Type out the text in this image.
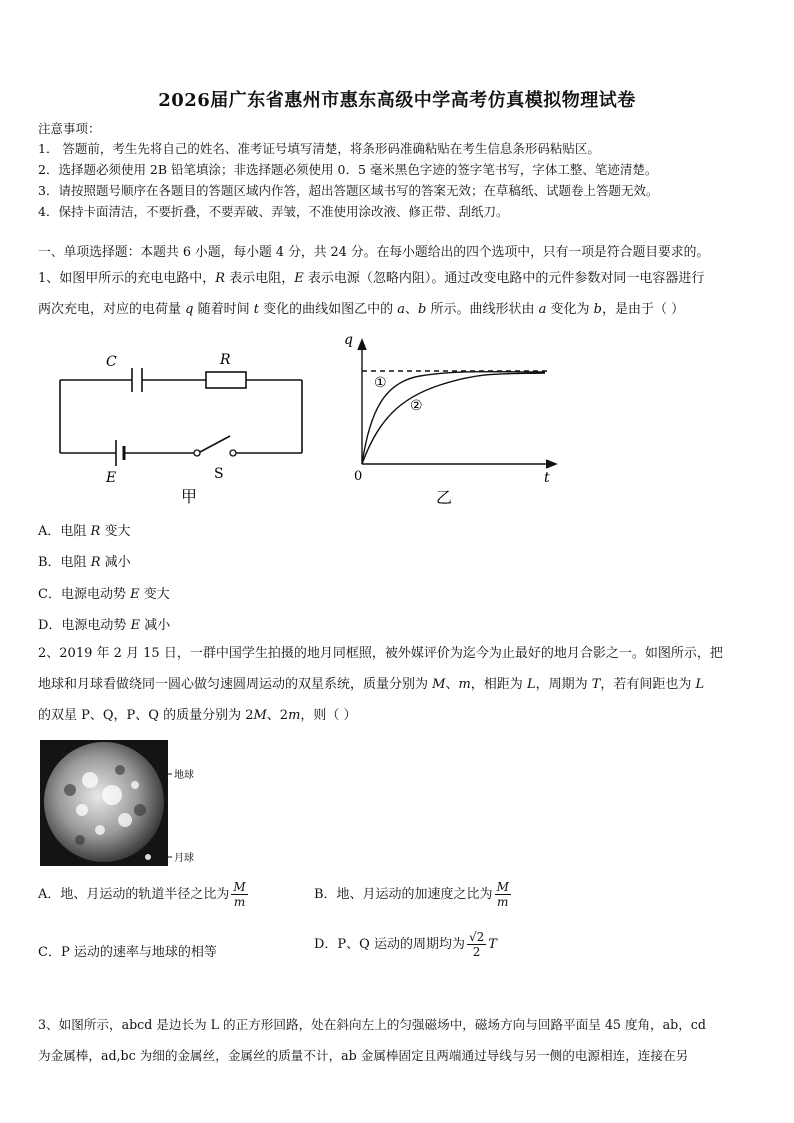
2026届广东省惠州市惠东高级中学高考仿真模拟物理试卷
注意事项：
1． 答题前，考生先将自己的姓名、准考证号填写清楚，将条形码准确粘贴在考生信息条形码粘贴区。
2．选择题必须使用 2B 铅笔填涂；非选择题必须使用 0．5 毫米黑色字迹的签字笔书写，字体工整、笔迹清楚。
3．请按照题号顺序在各题目的答题区域内作答，超出答题区域书写的答案无效；在草稿纸、试题卷上答题无效。
4．保持卡面清洁，不要折叠，不要弄破、弄皱，不准使用涂改液、修正带、刮纸刀。
一、单项选择题：本题共 6 小题，每小题 4 分，共 24 分。在每小题给出的四个选项中，只有一项是符合题目要求的。
1、如图甲所示的充电电路中，R 表示电阻，E 表示电源（忽略内阻）。通过改变电路中的元件参数对同一电容器进行
两次充电，对应的电荷量 q 随着时间 t 变化的曲线如图乙中的 a、b 所示。曲线形状由 a 变化为 b，是由于（ ）
C	R
E	S
甲
q
t
0
①
②
乙
A．电阻 R 变大
B．电阻 R 减小
C．电源电动势 E 变大
D．电源电动势 E 减小
2、2019 年 2 月 15 日，一群中国学生拍摄的地月同框照，被外媒评价为迄今为止最好的地月合影之一。如图所示，把
地球和月球看做绕同一圆心做匀速圆周运动的双星系统，质量分别为 M、m，相距为 L，周期为 T，若有间距也为 L
的双星 P、Q，P、Q 的质量分别为 2M、2m，则（ ）
地球
月球
A．地、月运动的轨道半径之比为 $\frac{M}{m}$	B．地、月运动的加速度之比为 $\frac{M}{m}$
C．P 运动的速率与地球的相等
D．P、Q 运动的周期均为 $\frac{√2}{2}$ T
3、如图所示，abcd 是边长为 L 的正方形回路，处在斜向左上的匀强磁场中，磁场方向与回路平面呈 45 度角，ab，cd
为金属棒，ad,bc 为细的金属丝，金属丝的质量不计，ab 金属棒固定且两端通过导线与另一侧的电源相连，连接在另
